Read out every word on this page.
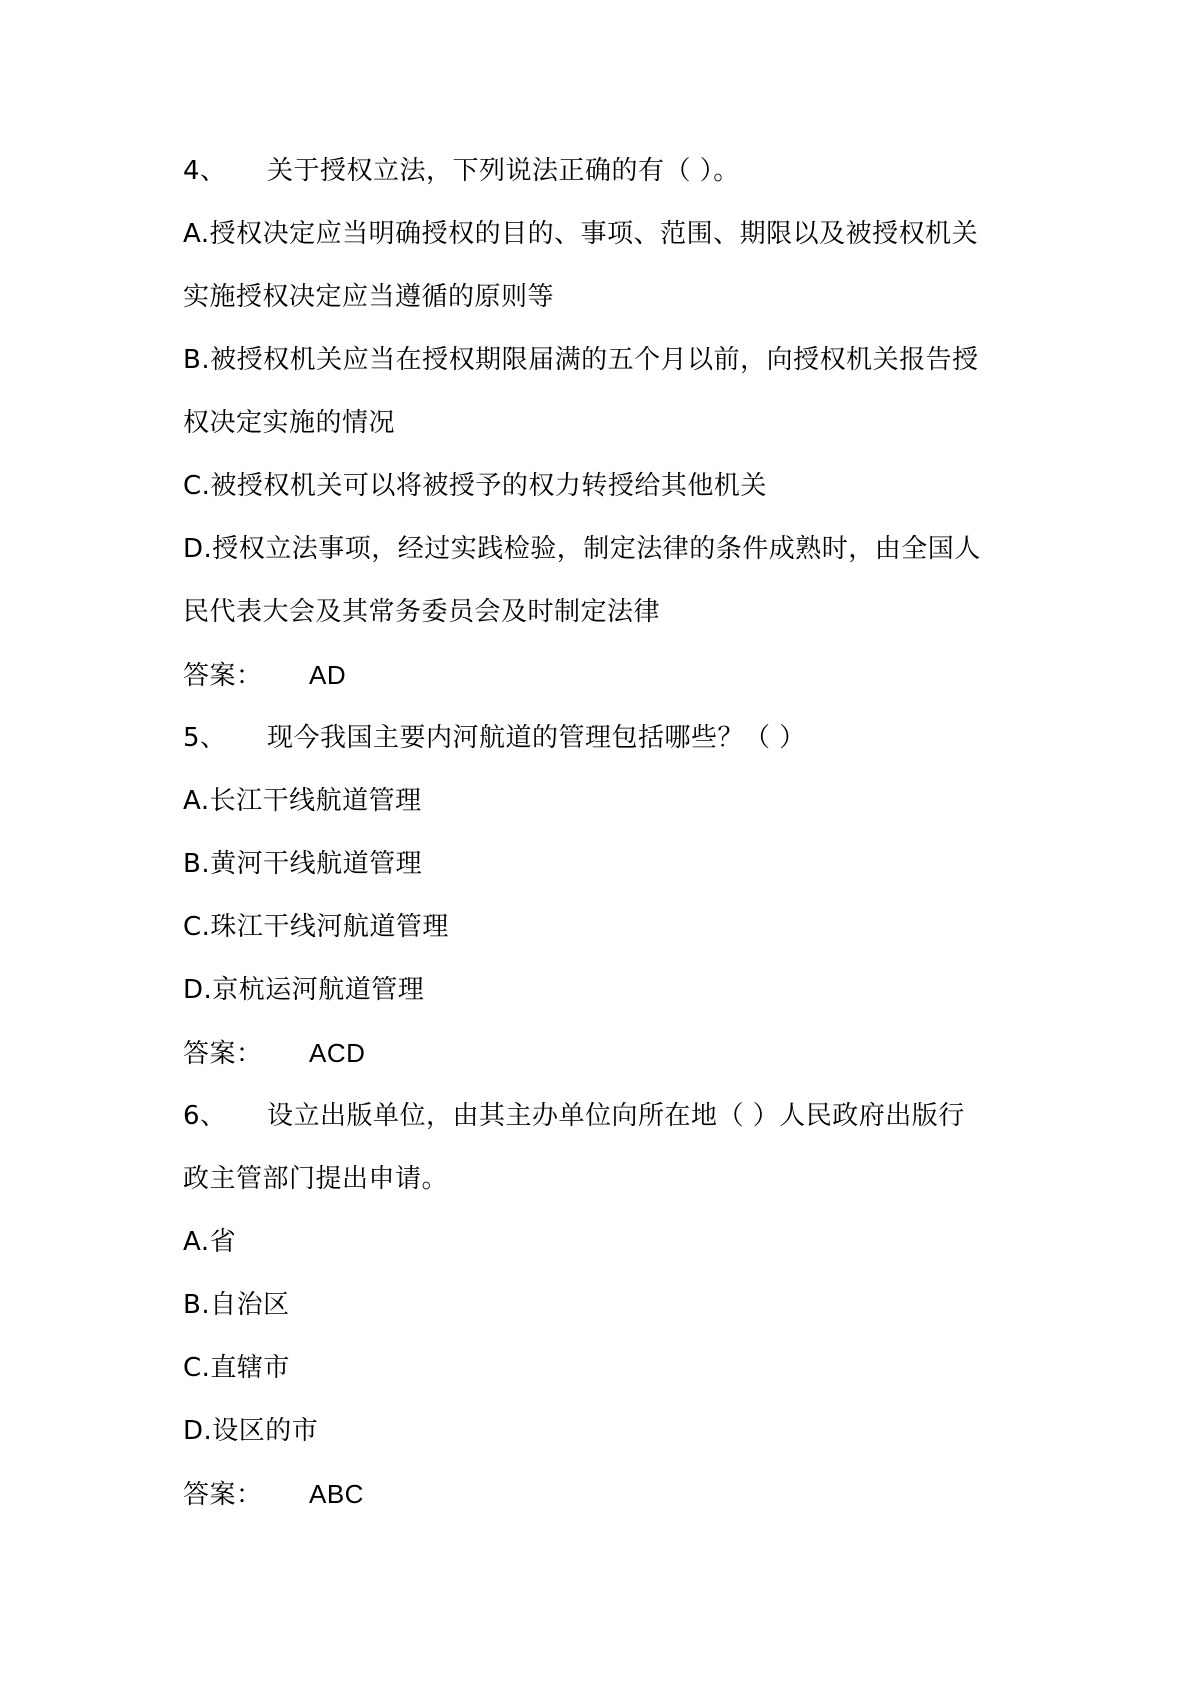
4、 关于授权立法，下列说法正确的有（ ）。
A.授权决定应当明确授权的目的、事项、范围、期限以及被授权机关
实施授权决定应当遵循的原则等
B.被授权机关应当在授权期限届满的五个月以前，向授权机关报告授
权决定实施的情况
C.被授权机关可以将被授予的权力转授给其他机关
D.授权立法事项，经过实践检验，制定法律的条件成熟时，由全国人
民代表大会及其常务委员会及时制定法律
答案： AD
5、 现今我国主要内河航道的管理包括哪些？（ ）
A.长江干线航道管理
B.黄河干线航道管理
C.珠江干线河航道管理
D.京杭运河航道管理
答案： ACD
6、 设立出版单位，由其主办单位向所在地（ ）人民政府出版行
政主管部门提出申请。
A.省
B.自治区
C.直辖市
D.设区的市
答案： ABC
